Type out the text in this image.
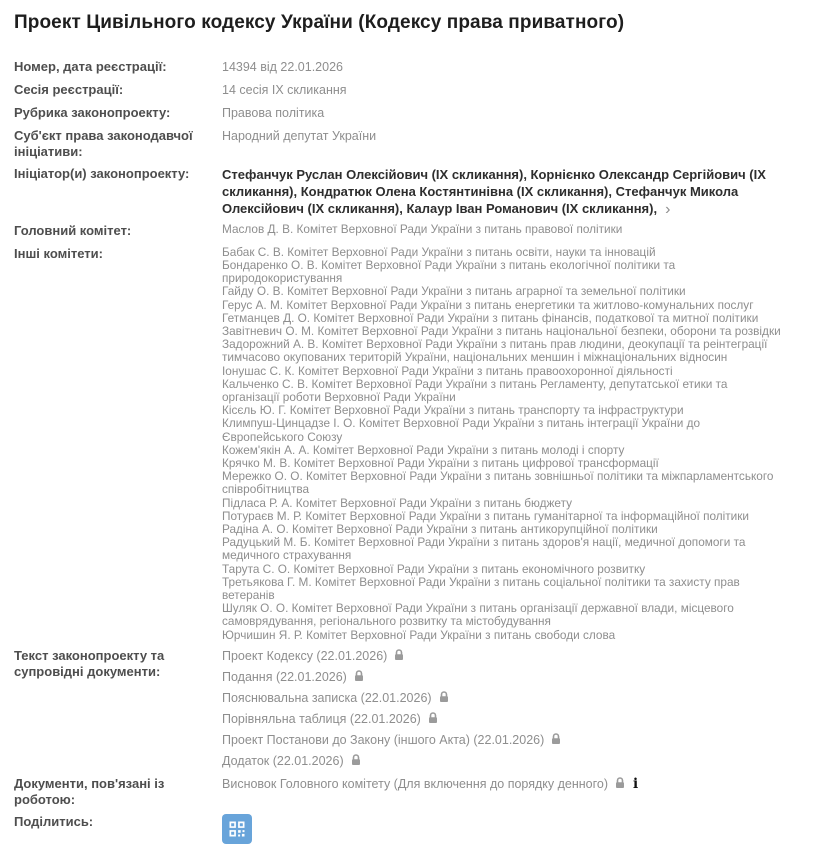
Проект Цивільного кодексу України (Кодексу права приватного)
Номер, дата реєстрації:	14394 від 22.01.2026
Сесія реєстрації:	14 сесія ІХ скликання
Рубрика законопроекту:	Правова політика
Суб'єкт права законодавчої ініціативи:
Народний депутат України
Ініціатор(и) законопроекту:	Стефанчук Руслан Олексійович (ІХ скликання), Корнієнко Олександр Сергійович (ІХ скликання), Кондратюк Олена Костянтинівна (ІХ скликання), Стефанчук Микола Олексійович (ІХ скликання), Калаур Іван Романович (ІХ скликання), ›
Головний комітет:	Маслов Д. В. Комітет Верховної Ради України з питань правової політики
Інші комітети:	Бабак С. В. Комітет Верховної Ради України з питань освіти, науки та інновацій
Бондаренко О. В. Комітет Верховної Ради України з питань екологічної політики та природокористування
Гайду О. В. Комітет Верховної Ради України з питань аграрної та земельної політики
Герус А. М. Комітет Верховної Ради України з питань енергетики та житлово-комунальних послуг
Гетманцев Д. О. Комітет Верховної Ради України з питань фінансів, податкової та митної політики
Завітневич О. М. Комітет Верховної Ради України з питань національної безпеки, оборони та розвідки
Задорожний А. В. Комітет Верховної Ради України з питань прав людини, деокупації та реінтеграції тимчасово окупованих територій України, національних меншин і міжнаціональних відносин
Іонушас С. К. Комітет Верховної Ради України з питань правоохоронної діяльності
Кальченко С. В. Комітет Верховної Ради України з питань Регламенту, депутатської етики та організації роботи Верховної Ради України
Кісєль Ю. Г. Комітет Верховної Ради України з питань транспорту та інфраструктури
Климпуш-Цинцадзе І. О. Комітет Верховної Ради України з питань інтеграції України до Європейського Союзу
Кожем'якін А. А. Комітет Верховної Ради України з питань молоді і спорту
Крячко М. В. Комітет Верховної Ради України з питань цифрової трансформації
Мережко О. О. Комітет Верховної Ради України з питань зовнішньої політики та міжпарламентського співробітництва
Підласа Р. А. Комітет Верховної Ради України з питань бюджету
Потураєв М. Р. Комітет Верховної Ради України з питань гуманітарної та інформаційної політики
Радіна А. О. Комітет Верховної Ради України з питань антикорупційної політики
Радуцький М. Б. Комітет Верховної Ради України з питань здоров'я нації, медичної допомоги та медичного страхування
Тарута С. О. Комітет Верховної Ради України з питань економічного розвитку
Третьякова Г. М. Комітет Верховної Ради України з питань соціальної політики та захисту прав ветеранів
Шуляк О. О. Комітет Верховної Ради України з питань організації державної влади, місцевого самоврядування, регіонального розвитку та містобудування
Юрчишин Я. Р. Комітет Верховної Ради України з питань свободи слова
Текст законопроекту та супровідні документи:
Проект Кодексу (22.01.2026)
Подання (22.01.2026)
Пояснювальна записка (22.01.2026)
Порівняльна таблиця (22.01.2026)
Проект Постанови до Закону (іншого Акта) (22.01.2026)
Додаток (22.01.2026)
Документи, пов'язані із роботою:
Висновок Головного комітету (Для включення до порядку денного) i
Поділитись:
